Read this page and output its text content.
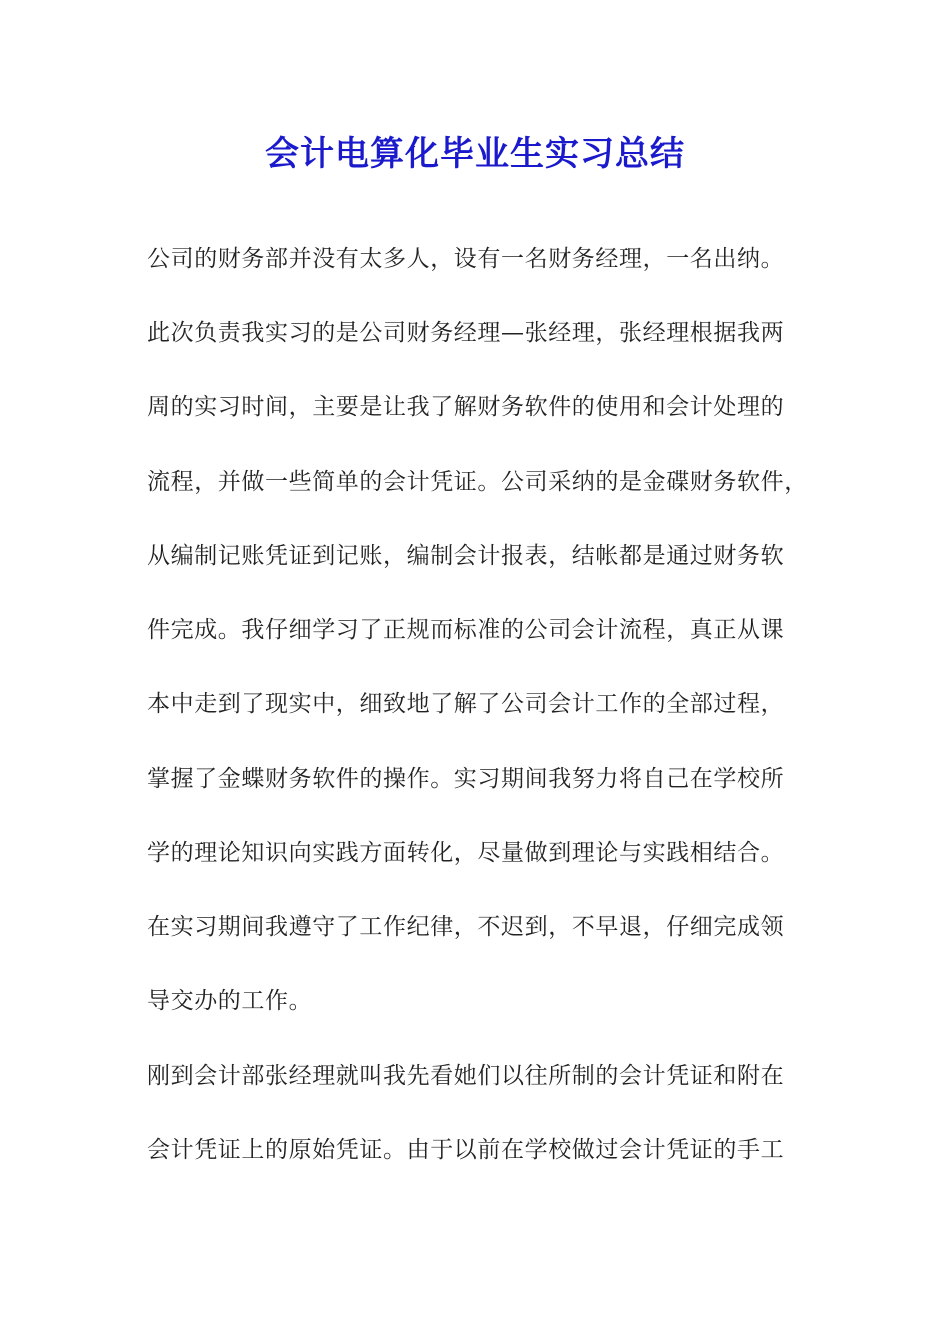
会计电算化毕业生实习总结
公司的财务部并没有太多人，设有一名财务经理，一名出纳。
此次负责我实习的是公司财务经理—张经理，张经理根据我两
周的实习时间，主要是让我了解财务软件的使用和会计处理的
流程，并做一些简单的会计凭证。公司采纳的是金碟财务软件，
从编制记账凭证到记账，编制会计报表，结帐都是通过财务软
件完成。我仔细学习了正规而标准的公司会计流程，真正从课
本中走到了现实中，细致地了解了公司会计工作的全部过程，
掌握了金蝶财务软件的操作。实习期间我努力将自己在学校所
学的理论知识向实践方面转化，尽量做到理论与实践相结合。
在实习期间我遵守了工作纪律，不迟到，不早退，仔细完成领
导交办的工作。
刚到会计部张经理就叫我先看她们以往所制的会计凭证和附在
会计凭证上的原始凭证。由于以前在学校做过会计凭证的手工
